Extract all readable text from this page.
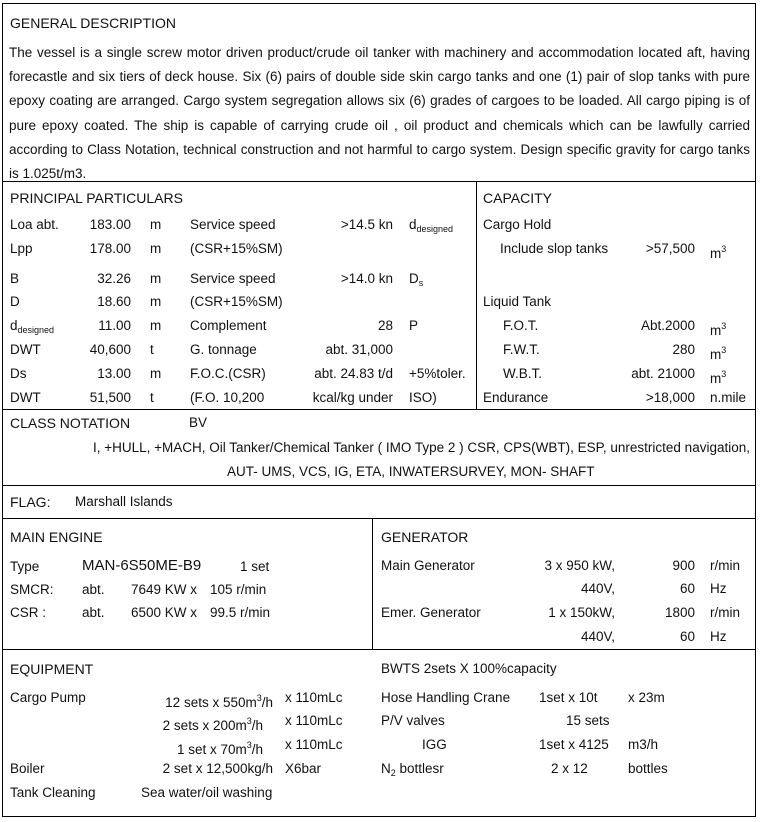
GENERAL DESCRIPTION
The vessel is a single screw motor driven product/crude oil tanker with machinery and accommodation located aft, having forecastle and six tiers of deck house. Six (6) pairs of double side skin cargo tanks and one (1) pair of slop tanks with pure epoxy coating are arranged. Cargo system segregation allows six (6) grades of cargoes to be loaded. All cargo piping is of pure epoxy coated. The ship is capable of carrying crude oil , oil product and chemicals which can be lawfully carried according to Class Notation, technical construction and not harmful to cargo system. Design specific gravity for cargo tanks is 1.025t/m3.
PRINCIPAL PARTICULARS
Loa abt.	183.00 m Service speed	>14.5 kn $d_{designed}$
Lpp	178.00 m (CSR+15%SM)
B	32.26 m Service speed	>14.0 kn $D_s$
D	18.60 m (CSR+15%SM)
$d_{designed}$	11.00 m Complement	28 P
DWT	40,600 t	G. tonnage	abt. 31,000
Ds	13.00 m F.O.C.(CSR)	abt. 24.83 t/d +5%toler.
DWT	51,500 t	(F.O. 10,200	kcal/kg under ISO)
CAPACITY
Cargo Hold
Include slop tanks	>57,500 $m^3$
Liquid Tank
F.O.T.	Abt.2000 $m^3$
F.W.T.	280 $m^3$
W.B.T.	abt. 21000 $m^3$
Endurance	>18,000 n.mile
CLASS NOTATION	BV
I, +HULL, +MACH, Oil Tanker/Chemical Tanker ( IMO Type 2 ) CSR, CPS(WBT), ESP, unrestricted navigation,
AUT- UMS, VCS, IG, ETA, INWATERSURVEY, MON- SHAFT
FLAG: Marshall Islands
MAIN ENGINE
Type	MAN-6S50ME-B9	1 set
SMCR: abt.	7649 KW x 105 r/min
CSR :	abt.	6500 KW x 99.5 r/min
GENERATOR
Main Generator	3 x 950 kW,	900 r/min
440V,	60 Hz
Emer. Generator	1 x 150kW,	1800 r/min
440V,	60 Hz
EQUIPMENT	BWTS 2sets X 100%capacity
Cargo Pump	12 sets x $550m^3/h$ x 110mLc
2 sets x $200m^3/h$ x 110mLc
1 set x $70m^3/h$ x 110mLc
Boiler	2 set x 12,500kg/h X6bar
Tank Cleaning	Sea water/oil washing
Hose Handling Crane 1set x 10t x 23m
P/V valves	15 sets
IGG	1set x 4125 m3/h
$N_2$ bottlesr	2 x 12	bottles
